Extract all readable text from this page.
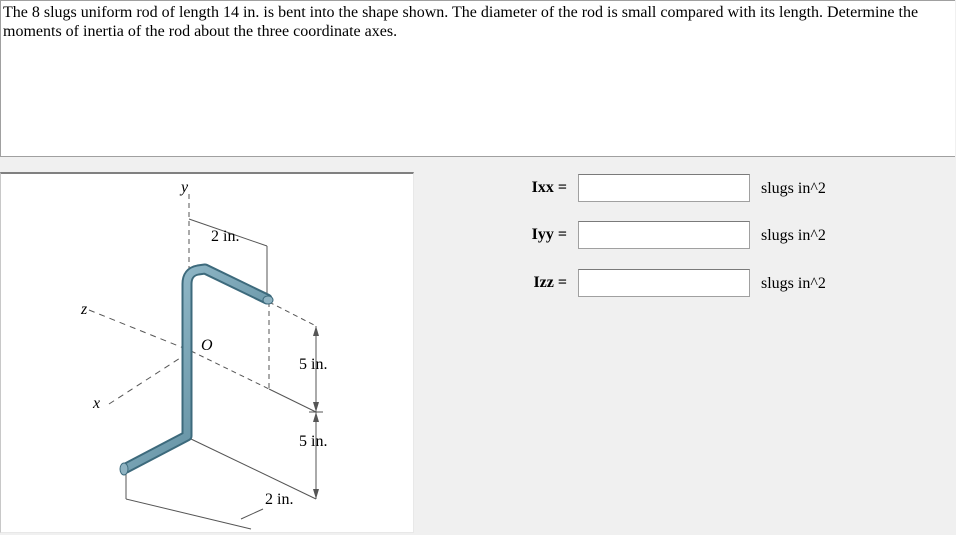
The 8 slugs uniform rod of length 14 in. is bent into the shape shown. The diameter of the rod is small compared with its length. Determine the moments of inertia of the rod about the three coordinate axes.

y
z
x
O
2 in.
5 in.
5 in.
2 in.
Ixx =	slugs in^2
Iyy =	slugs in^2
Izz =	slugs in^2
